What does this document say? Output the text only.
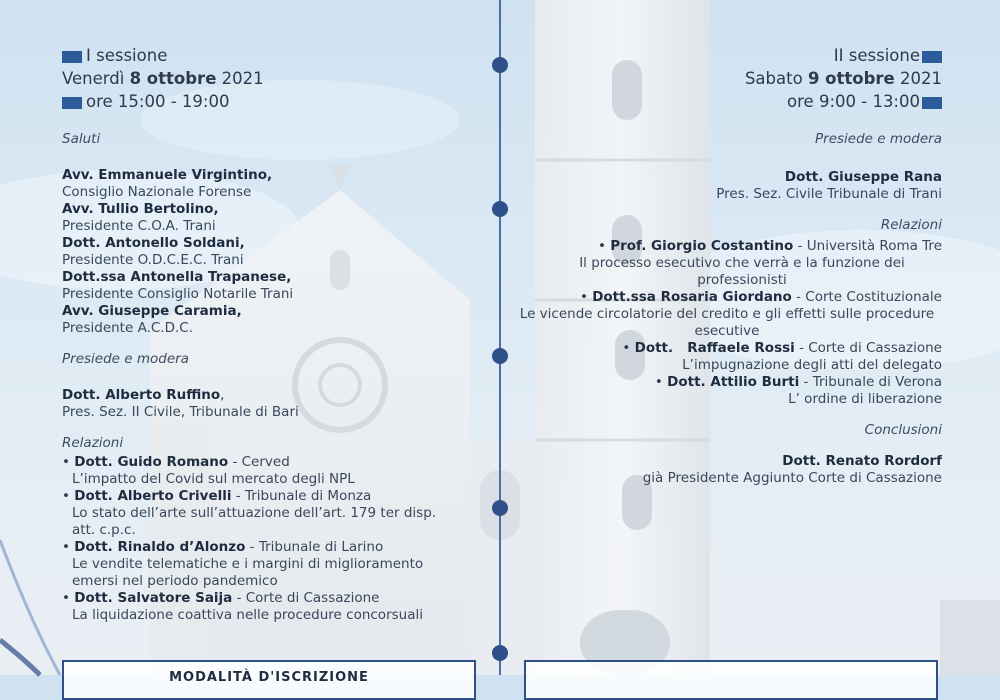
I sessione
Venerdì 8 ottobre 2021
ore 15:00 - 19:00
Saluti
Avv. Emmanuele Virgintino,
Consiglio Nazionale Forense
Avv. Tullio Bertolino,
Presidente C.O.A. Trani
Dott. Antonello Soldani,
Presidente O.D.C.E.C. Trani
Dott.ssa Antonella Trapanese,
Presidente Consiglio Notarile Trani
Avv. Giuseppe Caramia,
Presidente A.C.D.C.
Presiede e modera
Dott. Alberto Ruffino,
Pres. Sez. II Civile, Tribunale di Bari
Relazioni
• Dott. Guido Romano - Cerved
L’impatto del Covid sul mercato degli NPL
• Dott. Alberto Crivelli - Tribunale di Monza
Lo stato dell’arte sull’attuazione dell’art. 179 ter disp. att. c.p.c.
• Dott. Rinaldo d’Alonzo - Tribunale di Larino
Le vendite telematiche e i margini di miglioramento emersi nel periodo pandemico
• Dott. Salvatore Saija - Corte di Cassazione
La liquidazione coattiva nelle procedure concorsuali
II sessione
Sabato 9 ottobre 2021
ore 9:00 - 13:00
Presiede e modera
Dott. Giuseppe Rana
Pres. Sez. Civile Tribunale di Trani
Relazioni
• Prof. Giorgio Costantino - Università Roma Tre
Il processo esecutivo che verrà e la funzione dei professionisti
• Dott.ssa Rosaria Giordano - Corte Costituzionale
Le vicende circolatorie del credito e gli effetti sulle procedure esecutive
• Dott.   Raffaele Rossi - Corte di Cassazione
L’impugnazione degli atti del delegato
• Dott. Attilio Burti - Tribunale di Verona
L’ ordine di liberazione
Conclusioni
Dott. Renato Rordorf
già Presidente Aggiunto Corte di Cassazione
MODALITÀ D'ISCRIZIONE
